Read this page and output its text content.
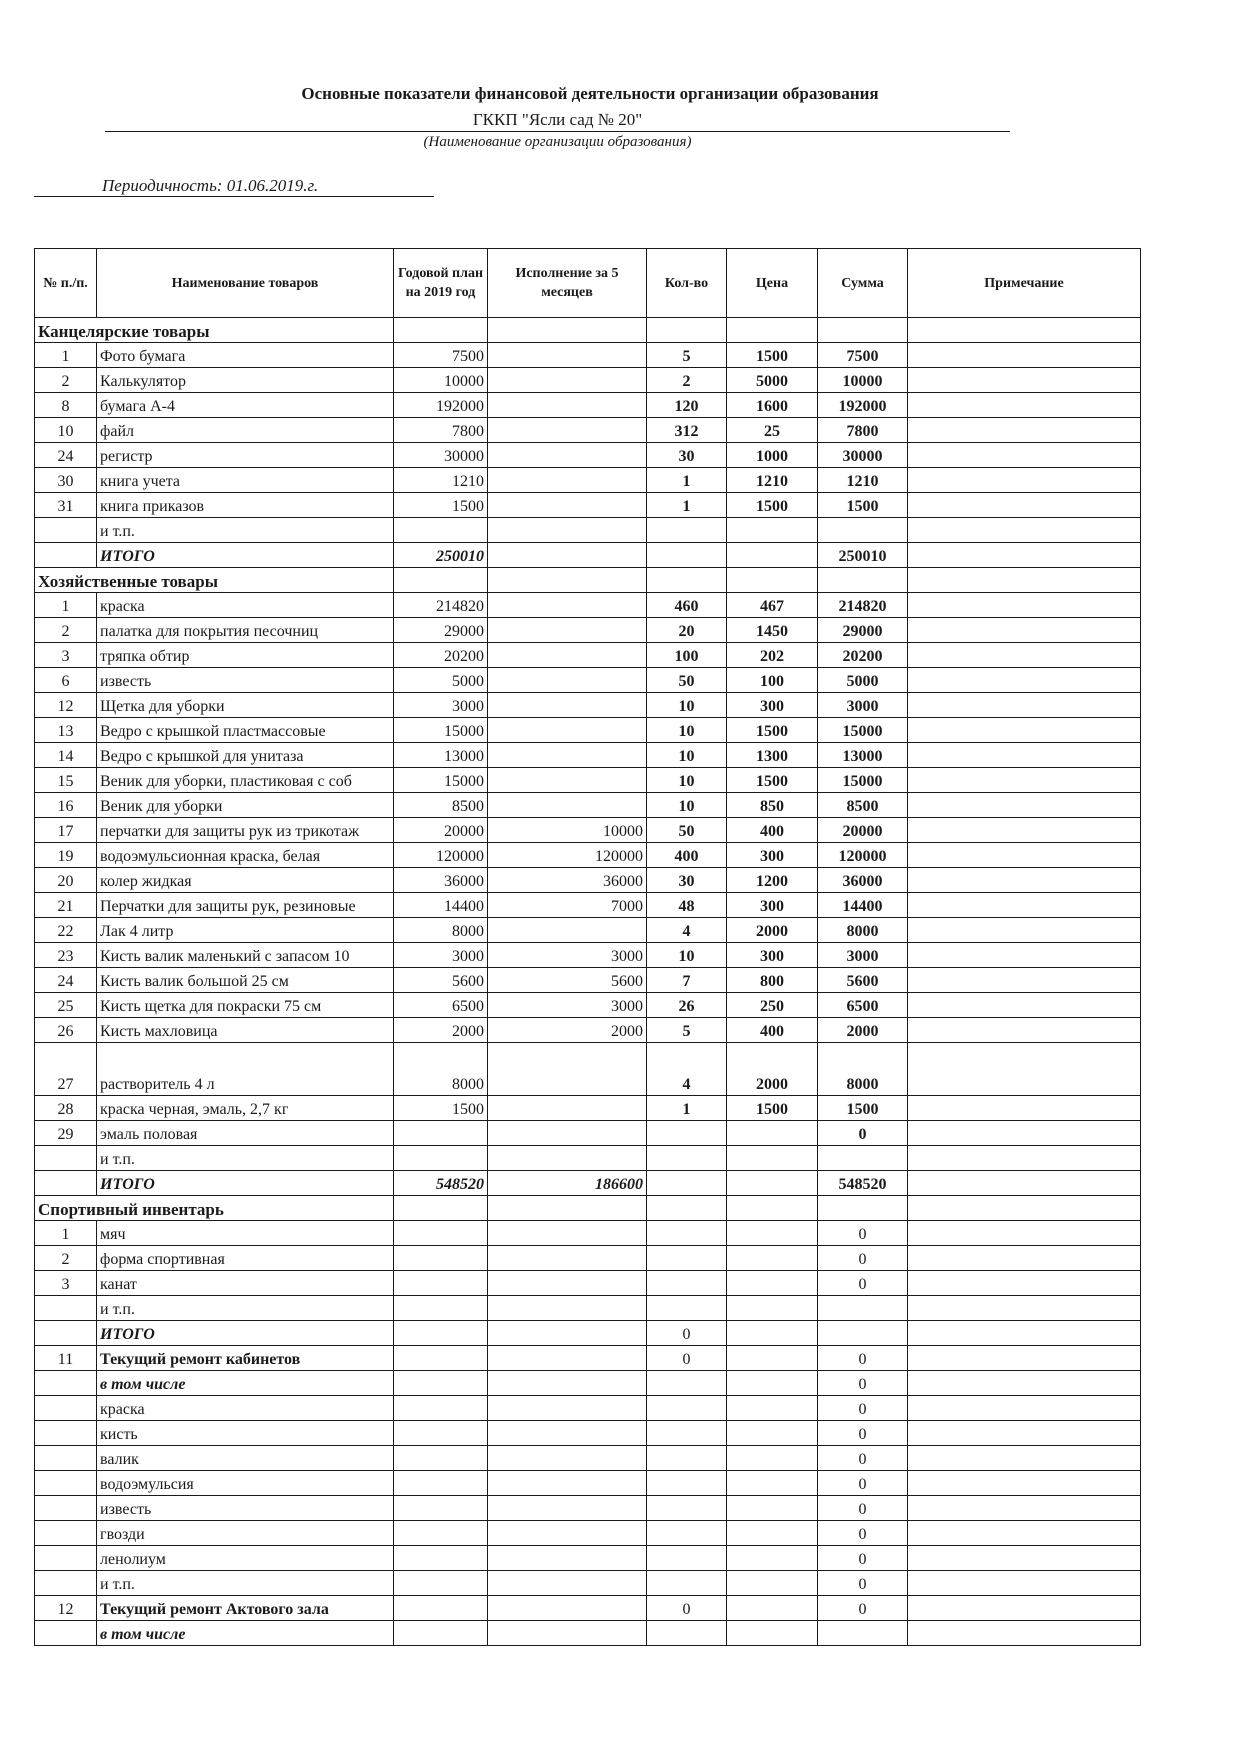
Основные показатели финансовой деятельности организации образования
ГККП "Ясли сад № 20"
(Наименование организации образования)
Периодичность: 01.06.2019.г.
№ п./п.	Наименование товаров	Годовой план на 2019 год	Исполнение за 5 месяцев	Кол-во	Цена	Сумма	Примечание
Канцелярские товары							
1	Фото бумага	7500		5	1500	7500	
2	Калькулятор	10000		2	5000	10000	
8	бумага А-4	192000		120	1600	192000	
10	файл	7800		312	25	7800	
24	регистр	30000		30	1000	30000	
30	книга учета	1210		1	1210	1210	
31	книга приказов	1500		1	1500	1500	
	и т.п.						
	ИТОГО	250010				250010	
Хозяйственные товары							
1	краска	214820		460	467	214820	
2	палатка для покрытия песочниц	29000		20	1450	29000	
3	тряпка обтир	20200		100	202	20200	
6	известь	5000		50	100	5000	
12	Щетка для уборки	3000		10	300	3000	
13	Ведро с крышкой пластмассовые	15000		10	1500	15000	
14	Ведро с крышкой для унитаза	13000		10	1300	13000	
15	Веник для уборки, пластиковая с соб	15000		10	1500	15000	
16	Веник для уборки	8500		10	850	8500	
17	перчатки для защиты рук из трикотаж	20000	10000	50	400	20000	
19	водоэмульсионная краска, белая	120000	120000	400	300	120000	
20	колер жидкая	36000	36000	30	1200	36000	
21	Перчатки для защиты рук, резиновые	14400	7000	48	300	14400	
22	Лак 4 литр	8000		4	2000	8000	
23	Кисть валик маленький с запасом 10	3000	3000	10	300	3000	
24	Кисть валик большой 25 см	5600	5600	7	800	5600	
25	Кисть щетка для покраски 75 см	6500	3000	26	250	6500	
26	Кисть махловица	2000	2000	5	400	2000	
27	растворитель 4 л	8000		4	2000	8000	
28	краска черная, эмаль, 2,7 кг	1500		1	1500	1500	
29	эмаль половая					0	
	и т.п.						
	ИТОГО	548520	186600			548520	
Спортивный инвентарь							
1	мяч					0	
2	форма спортивная					0	
3	канат					0	
	и т.п.						
	ИТОГО			0			
11	Текущий ремонт кабинетов			0		0	
	в том числе					0	
	краска					0	
	кисть					0	
	валик					0	
	водоэмульсия					0	
	известь					0	
	гвозди					0	
	ленолиум					0	
	и т.п.					0	
12	Текущий ремонт Актового зала			0		0	
	в том числе						
